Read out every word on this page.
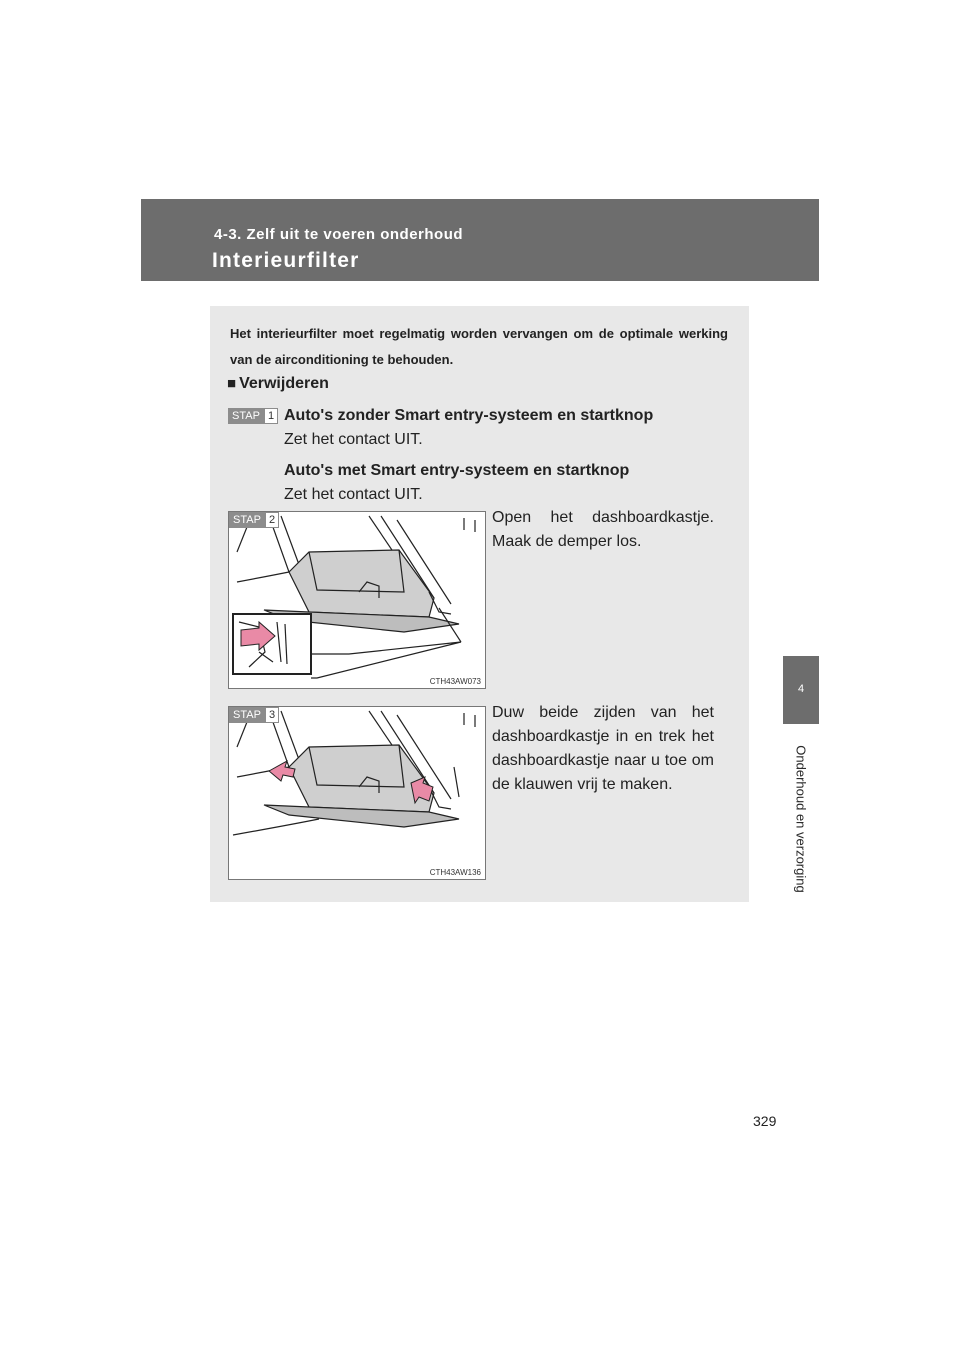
4-3. Zelf uit te voeren onderhoud
Interieurfilter
4
Onderhoud en verzorging
Het interieurfilter moet regelmatig worden vervangen om de optimale werking van de airconditioning te behouden.
■ Verwijderen
STAP 1 Auto's zonder Smart entry-systeem en startknop
Zet het contact UIT.
Auto's met Smart entry-systeem en startknop
Zet het contact UIT.
STAP 2
CTH43AW073
Open het dashboardkastje. Maak de demper los.
STAP 3
CTH43AW136
Duw beide zijden van het dashboardkastje in en trek het dashboardkastje naar u toe om de klauwen vrij te maken.
329
